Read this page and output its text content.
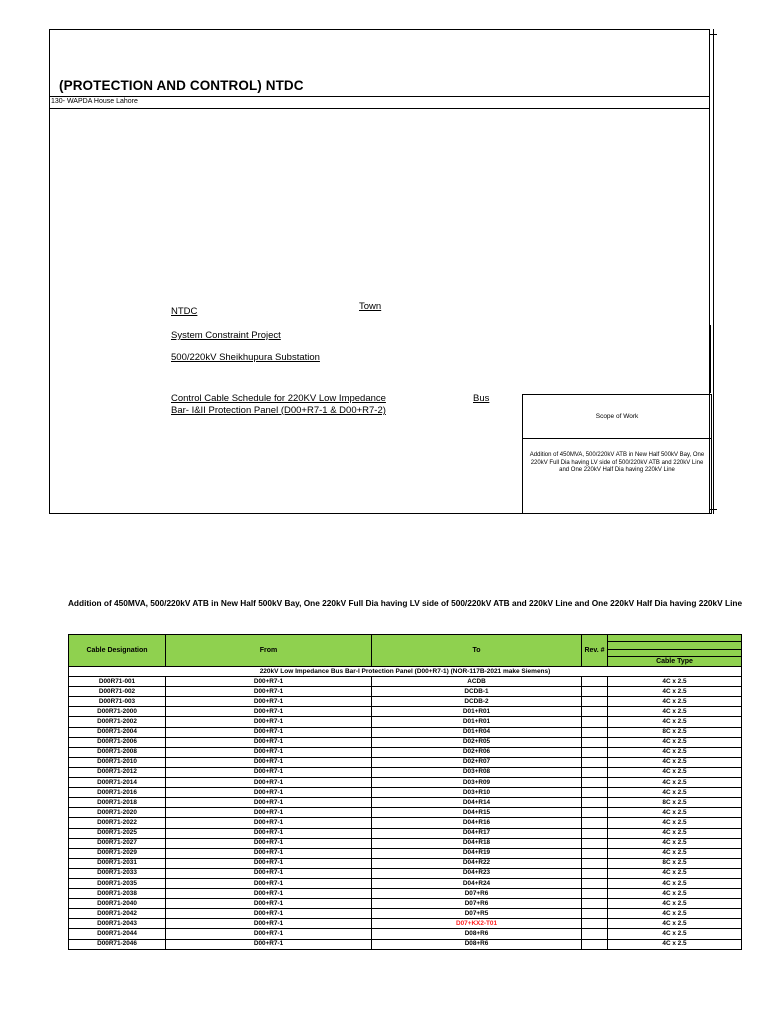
(PROTECTION AND CONTROL) NTDC
130- WAPDA House Lahore
NTDC	Town
System Constraint Project
500/220kV Sheikhupura Substation
Control Cable Schedule for 220KV Low Impedance
Bar- I&II Protection Panel (D00+R7-1 & D00+R7-2)
Bus
Scope of Work
Addition of 450MVA, 500/220kV ATB in New Half 500kV Bay, One 220kV Full Dia having LV side of 500/220kV ATB and 220kV Line and One 220kV Half Dia having 220kV Line
Addition of 450MVA, 500/220kV ATB in New Half 500kV Bay, One 220kV Full Dia having LV side of 500/220kV ATB and 220kV Line and One 220kV Half Dia having 220kV Line
Cable Designation	From	To	Rev. #	

				Cable Type
220kV Low Impedance Bus Bar-I Protection Panel (D00+R7-1) (NOR-117B-2021 make Siemens)				
D00R71-001	D00+R7-1	ACDB		4C x 2.5
D00R71-002	D00+R7-1	DCDB-1		4C x 2.5
D00R71-003	D00+R7-1	DCDB-2		4C x 2.5
D00R71-2000	D00+R7-1	D01+R01		4C x 2.5
D00R71-2002	D00+R7-1	D01+R01		4C x 2.5
D00R71-2004	D00+R7-1	D01+R04		8C x 2.5
D00R71-2006	D00+R7-1	D02+R05		4C x 2.5
D00R71-2008	D00+R7-1	D02+R06		4C x 2.5
D00R71-2010	D00+R7-1	D02+R07		4C x 2.5
D00R71-2012	D00+R7-1	D03+R08		4C x 2.5
D00R71-2014	D00+R7-1	D03+R09		4C x 2.5
D00R71-2016	D00+R7-1	D03+R10		4C x 2.5
D00R71-2018	D00+R7-1	D04+R14		8C x 2.5
D00R71-2020	D00+R7-1	D04+R15		4C x 2.5
D00R71-2022	D00+R7-1	D04+R16		4C x 2.5
D00R71-2025	D00+R7-1	D04+R17		4C x 2.5
D00R71-2027	D00+R7-1	D04+R18		4C x 2.5
D00R71-2029	D00+R7-1	D04+R19		4C x 2.5
D00R71-2031	D00+R7-1	D04+R22		8C x 2.5
D00R71-2033	D00+R7-1	D04+R23		4C x 2.5
D00R71-2035	D00+R7-1	D04+R24		4C x 2.5
D00R71-2038	D00+R7-1	D07+R6		4C x 2.5
D00R71-2040	D00+R7-1	D07+R6		4C x 2.5
D00R71-2042	D00+R7-1	D07+R5		4C x 2.5
D00R71-2043	D00+R7-1	D07+KX2-T01		4C x 2.5
D00R71-2044	D00+R7-1	D08+R6		4C x 2.5
D00R71-2046	D00+R7-1	D08+R6		4C x 2.5
